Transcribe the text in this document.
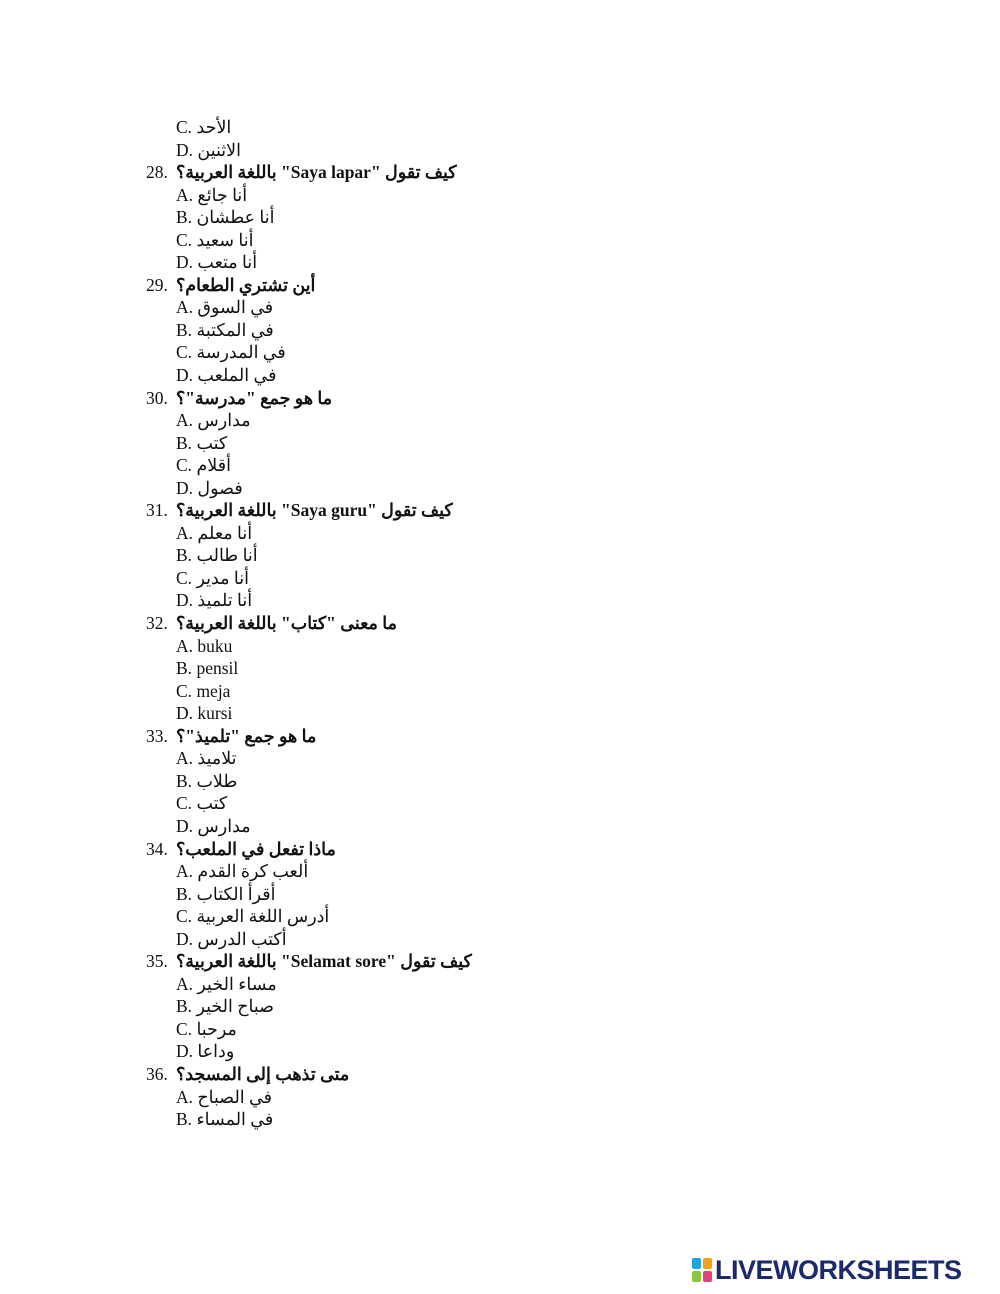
C. الأحد
D. الاثنين
28. كيف تقول "Saya lapar" باللغة العربية؟
A. أنا جائع
B. أنا عطشان
C. أنا سعيد
D. أنا متعب
29. أين تشتري الطعام؟
A. في السوق
B. في المكتبة
C. في المدرسة
D. في الملعب
30. ما هو جمع "مدرسة"؟
A. مدارس
B. كتب
C. أقلام
D. فصول
31. كيف تقول "Saya guru" باللغة العربية؟
A. أنا معلم
B. أنا طالب
C. أنا مدير
D. أنا تلميذ
32. ما معنى "كتاب" باللغة العربية؟
A. buku
B. pensil
C. meja
D. kursi
33. ما هو جمع "تلميذ"؟
A. تلاميذ
B. طلاب
C. كتب
D. مدارس
34. ماذا تفعل في الملعب؟
A. ألعب كرة القدم
B. أقرأ الكتاب
C. أدرس اللغة العربية
D. أكتب الدرس
35. كيف تقول "Selamat sore" باللغة العربية؟
A. مساء الخير
B. صباح الخير
C. مرحبا
D. وداعا
36. متى تذهب إلى المسجد؟
A. في الصباح
B. في المساء
LIVEWORKSHEETS
